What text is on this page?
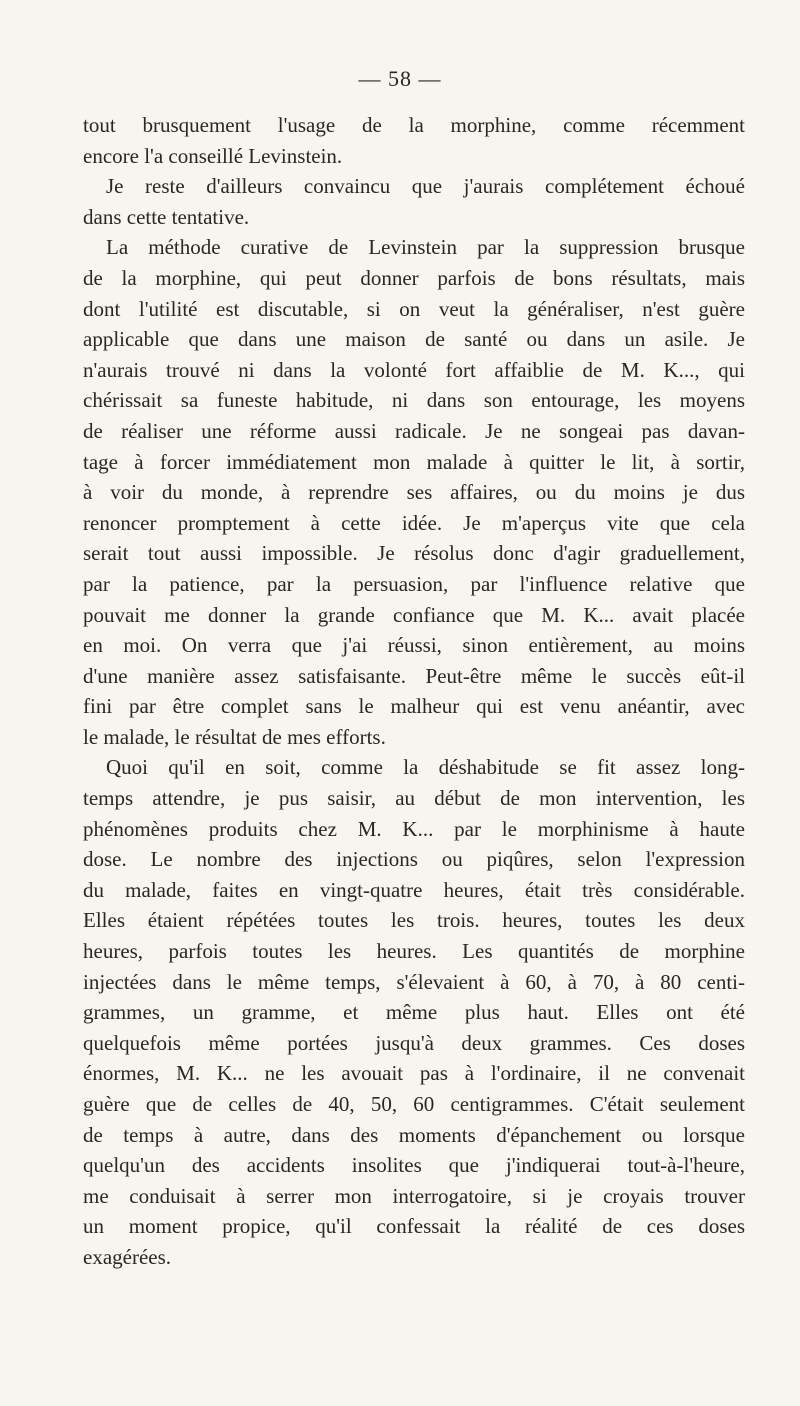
— 58 —
tout brusquement l'usage de la morphine, comme récemment
encore l'a conseillé Levinstein.
Je reste d'ailleurs convaincu que j'aurais complétement échoué
dans cette tentative.
La méthode curative de Levinstein par la suppression brusque
de la morphine, qui peut donner parfois de bons résultats, mais
dont l'utilité est discutable, si on veut la généraliser, n'est guère
applicable que dans une maison de santé ou dans un asile. Je
n'aurais trouvé ni dans la volonté fort affaiblie de M. K..., qui
chérissait sa funeste habitude, ni dans son entourage, les moyens
de réaliser une réforme aussi radicale. Je ne songeai pas davan-
tage à forcer immédiatement mon malade à quitter le lit, à sortir,
à voir du monde, à reprendre ses affaires, ou du moins je dus
renoncer promptement à cette idée. Je m'aperçus vite que cela
serait tout aussi impossible. Je résolus donc d'agir graduellement,
par la patience, par la persuasion, par l'influence relative que
pouvait me donner la grande confiance que M. K... avait placée
en moi. On verra que j'ai réussi, sinon entièrement, au moins
d'une manière assez satisfaisante. Peut-être même le succès eût-il
fini par être complet sans le malheur qui est venu anéantir, avec
le malade, le résultat de mes efforts.
Quoi qu'il en soit, comme la déshabitude se fit assez long-
temps attendre, je pus saisir, au début de mon intervention, les
phénomènes produits chez M. K... par le morphinisme à haute
dose. Le nombre des injections ou piqûres, selon l'expression
du malade, faites en vingt-quatre heures, était très considérable.
Elles étaient répétées toutes les trois. heures, toutes les deux
heures, parfois toutes les heures. Les quantités de morphine
injectées dans le même temps, s'élevaient à 60, à 70, à 80 centi-
grammes, un gramme, et même plus haut. Elles ont été
quelquefois même portées jusqu'à deux grammes. Ces doses
énormes, M. K... ne les avouait pas à l'ordinaire, il ne convenait
guère que de celles de 40, 50, 60 centigrammes. C'était seulement
de temps à autre, dans des moments d'épanchement ou lorsque
quelqu'un des accidents insolites que j'indiquerai tout-à-l'heure,
me conduisait à serrer mon interrogatoire, si je croyais trouver
un moment propice, qu'il confessait la réalité de ces doses
exagérées.
